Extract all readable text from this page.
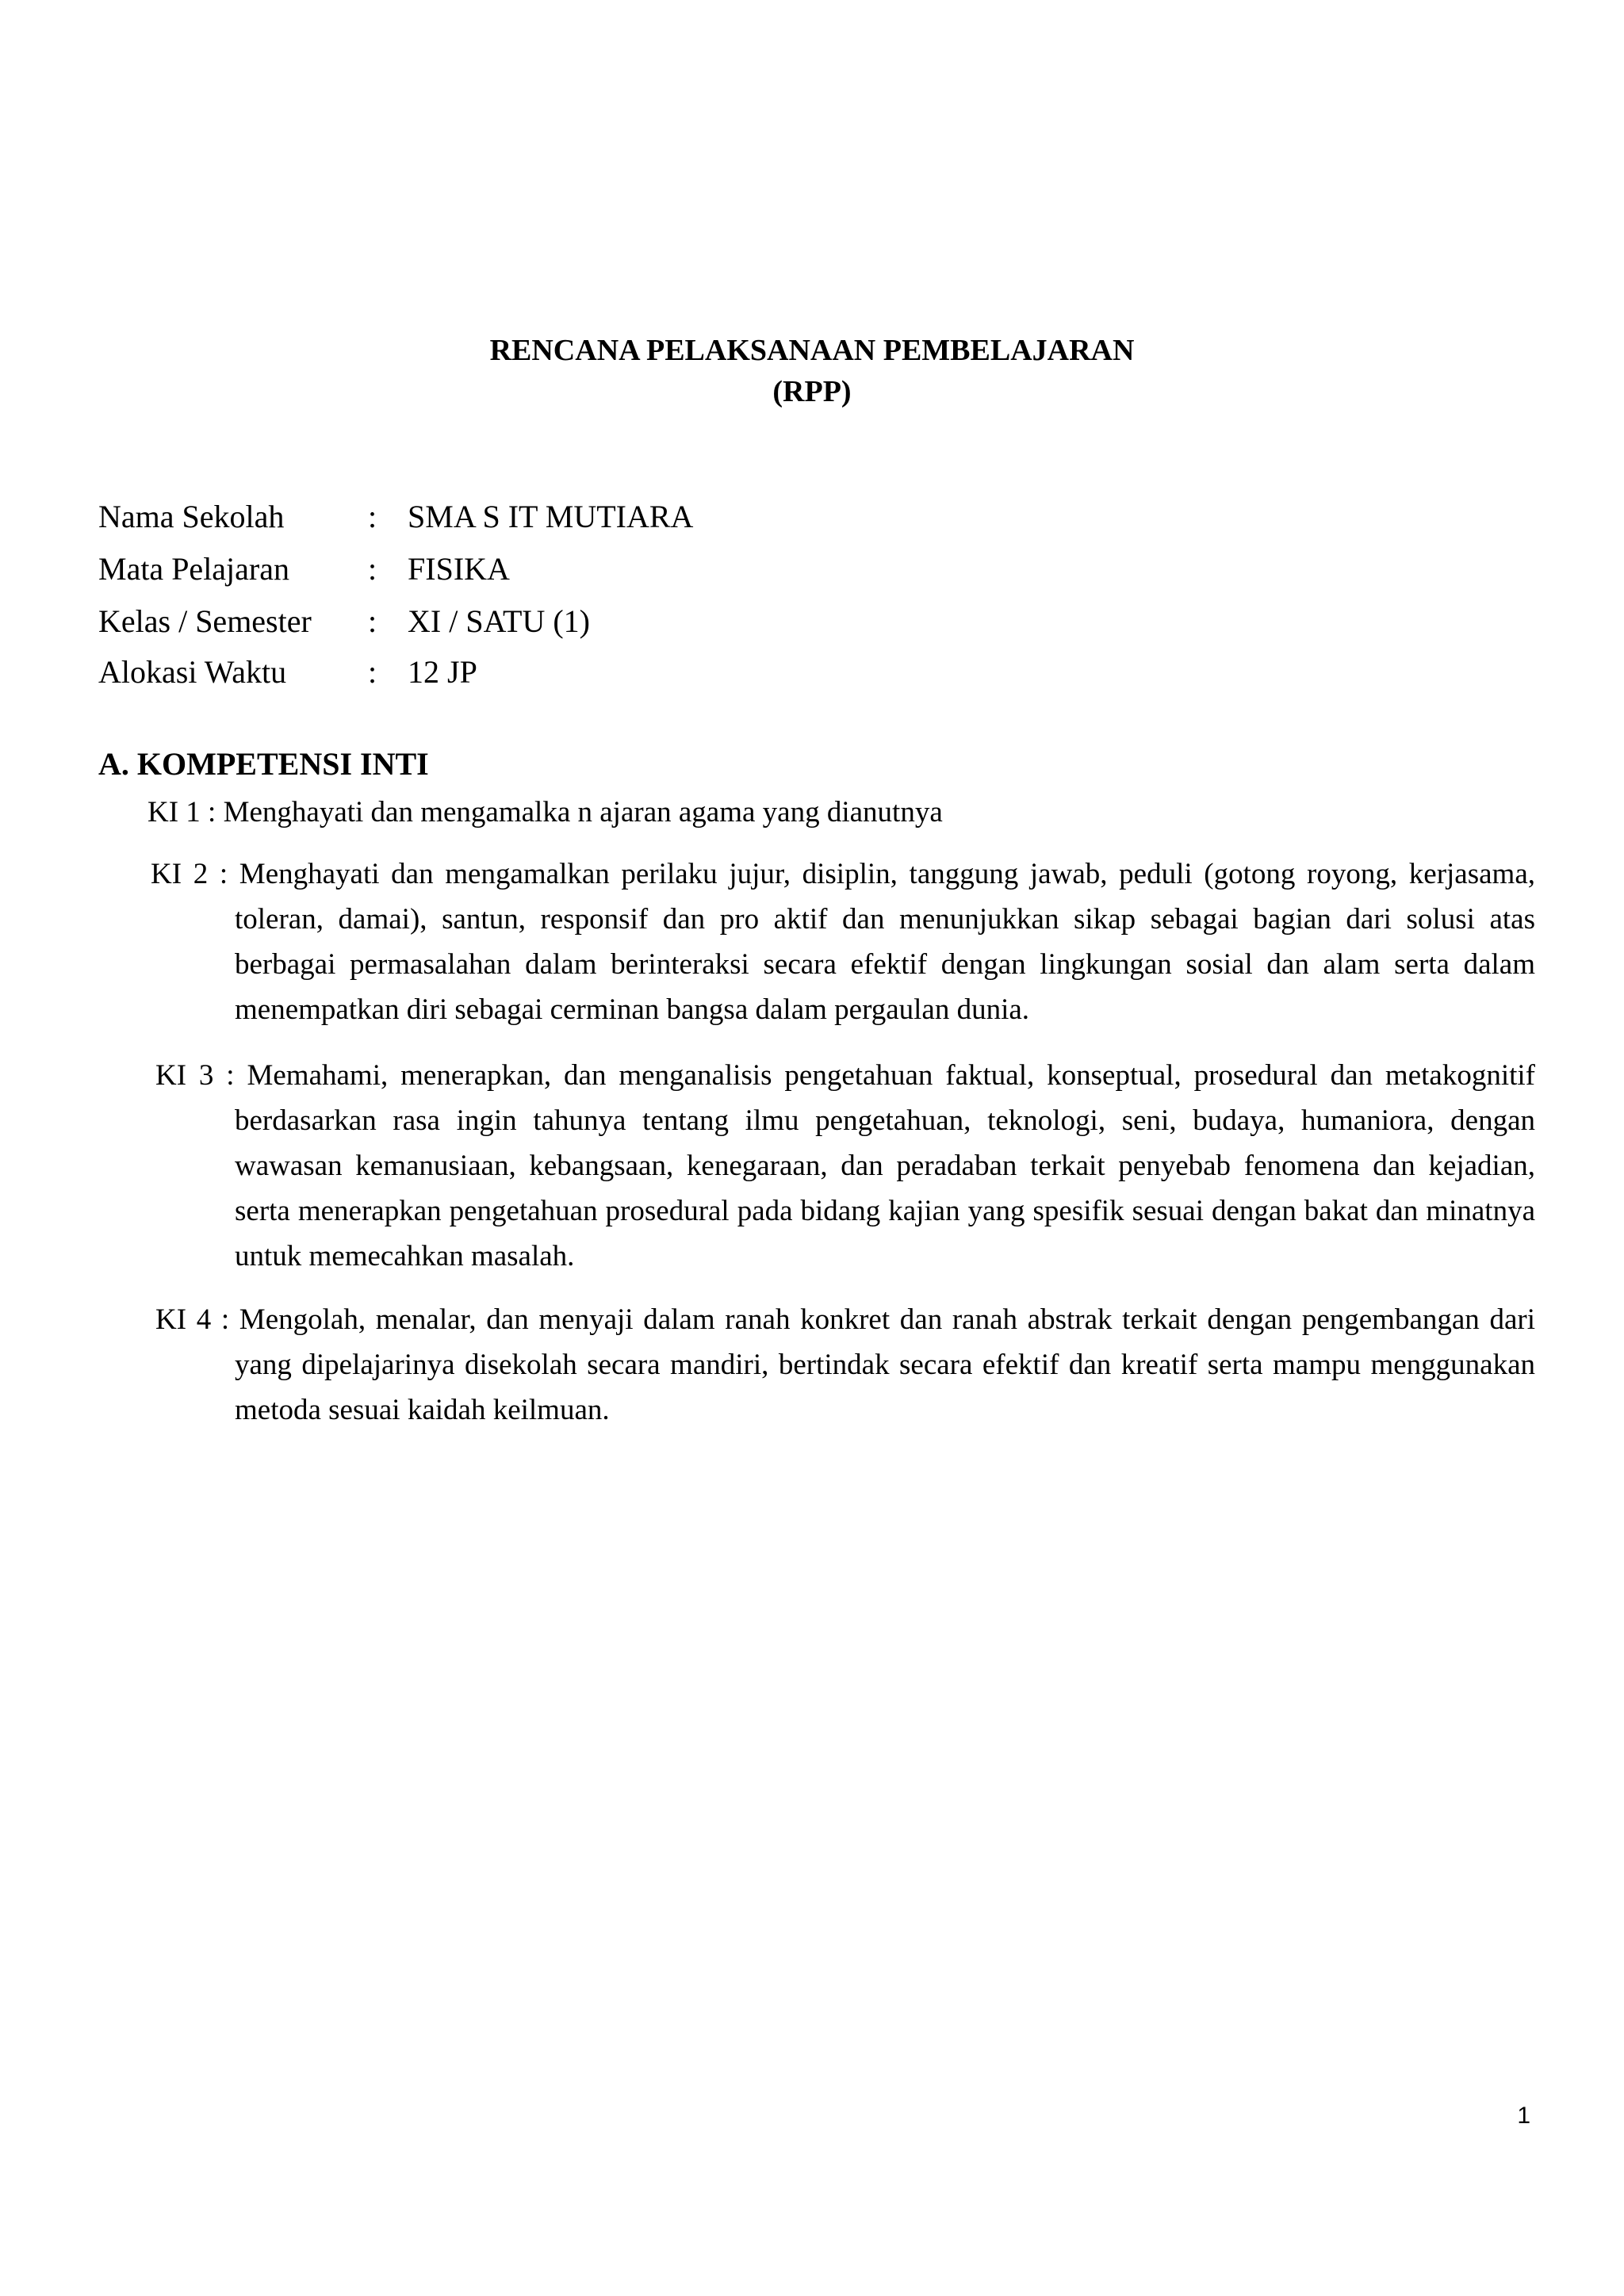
RENCANA PELAKSANAAN PEMBELAJARAN
(RPP)
Nama Sekolah	: SMA S IT MUTIARA
Mata Pelajaran : FISIKA
Kelas / Semester : XI / SATU (1)
Alokasi Waktu	: 12 JP
A. KOMPETENSI INTI
KI 1 : Menghayati dan mengamalka n ajaran agama yang dianutnya
KI 2 : Menghayati dan mengamalkan perilaku jujur, disiplin, tanggung jawab, peduli (gotong royong, kerjasama, toleran, damai), santun, responsif dan pro aktif dan menunjukkan sikap sebagai bagian dari solusi atas berbagai permasalahan dalam berinteraksi secara efektif dengan lingkungan sosial dan alam serta dalam menempatkan diri sebagai cerminan bangsa dalam pergaulan dunia.
KI 3 : Memahami, menerapkan, dan menganalisis pengetahuan faktual, konseptual, prosedural dan metakognitif berdasarkan rasa ingin tahunya tentang ilmu pengetahuan, teknologi, seni, budaya, humaniora, dengan wawasan kemanusiaan, kebangsaan, kenegaraan, dan peradaban terkait penyebab fenomena dan kejadian, serta menerapkan pengetahuan prosedural pada bidang kajian yang spesifik sesuai dengan bakat dan minatnya untuk memecahkan masalah.
KI 4 : Mengolah, menalar, dan menyaji dalam ranah konkret dan ranah abstrak terkait dengan pengembangan dari yang dipelajarinya disekolah secara mandiri, bertindak secara efektif dan kreatif serta mampu menggunakan metoda sesuai kaidah keilmuan.
1
